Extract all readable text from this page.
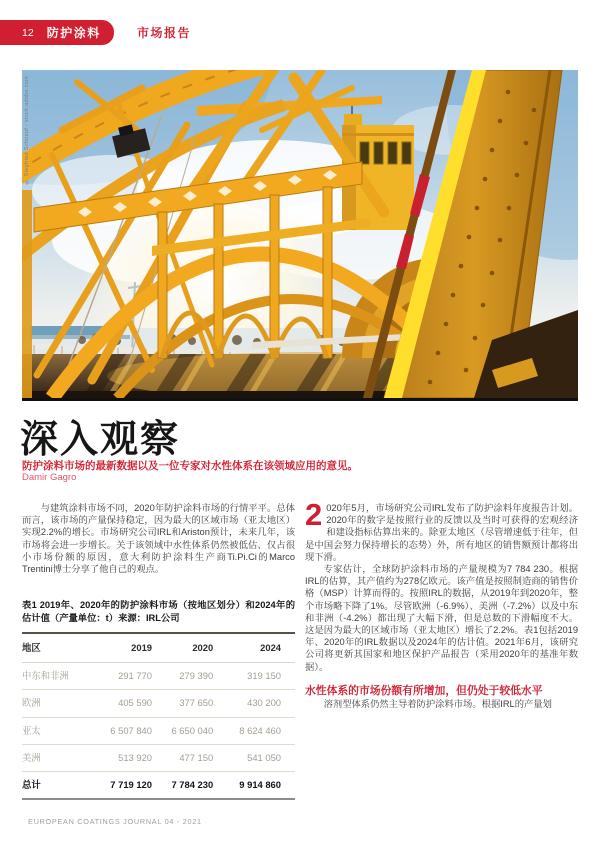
12 防护涂料	市场报告
© Siegfried Schnepf - stock.adobe.com
深入观察
防护涂料市场的最新数据以及一位专家对水性体系在该领域应用的意见。
Damir Gagro

与建筑涂料市场不同，2020年防护涂料市场的行情平平。总体而言，该市场的产量保持稳定，因为最大的区域市场（亚太地区）实现2.2%的增长。市场研究公司IRL和Ariston预计，未来几年，该市场将会进一步增长。关于该领域中水性体系仍然被低估、仅占很小市场份额的原因，意大利防护涂料生产商Ti.Pi.Ci的Marco Trentini博士分享了他自己的观点。

表1 2019年、2020年的防护涂料市场（按地区划分）和2024年的估计值（产量单位：t）来源：IRL公司
地区	2019	2020	2024
中东和非洲	291 770	279 390	319 150
欧洲	405 590	377 650	430 200
亚太	6 507 840	6 650 040	8 624 460
美洲	513 920	477 150	541 050
总计	7 719 120	7 784 230	9 914 860

2 020年5月，市场研究公司IRL发布了防护涂料年度报告计划。2020年的数字是按照行业的反馈以及当时可获得的宏观经济和建设指标估算出来的。除亚太地区（尽管增速低于往年，但是中国会努力保持增长的态势）外，所有地区的销售额预计都将出现下滑。

专家估计，全球防护涂料市场的产量规模为7 784 230。根据IRL的估算，其产值约为278亿欧元。该产值是按照制造商的销售价格（MSP）计算而得的。按照IRL的数据，从2019年到2020年，整个市场略下降了1%。尽管欧洲（-6.9%）、美洲（-7.2%）以及中东和非洲（-4.2%）都出现了大幅下滑，但是总数的下滑幅度不大。这是因为最大的区域市场（亚太地区）增长了2.2%。表1包括2019年、2020年的IRL数据以及2024年的估计值。2021年6月，该研究公司将更新其国家和地区保护产品报告（采用2020年的基准年数据）。

水性体系的市场份额有所增加，但仍处于较低水平

溶剂型体系仍然主导着防护涂料市场。根据IRL的产量划

EUROPEAN COATINGS JOURNAL 04 - 2021
